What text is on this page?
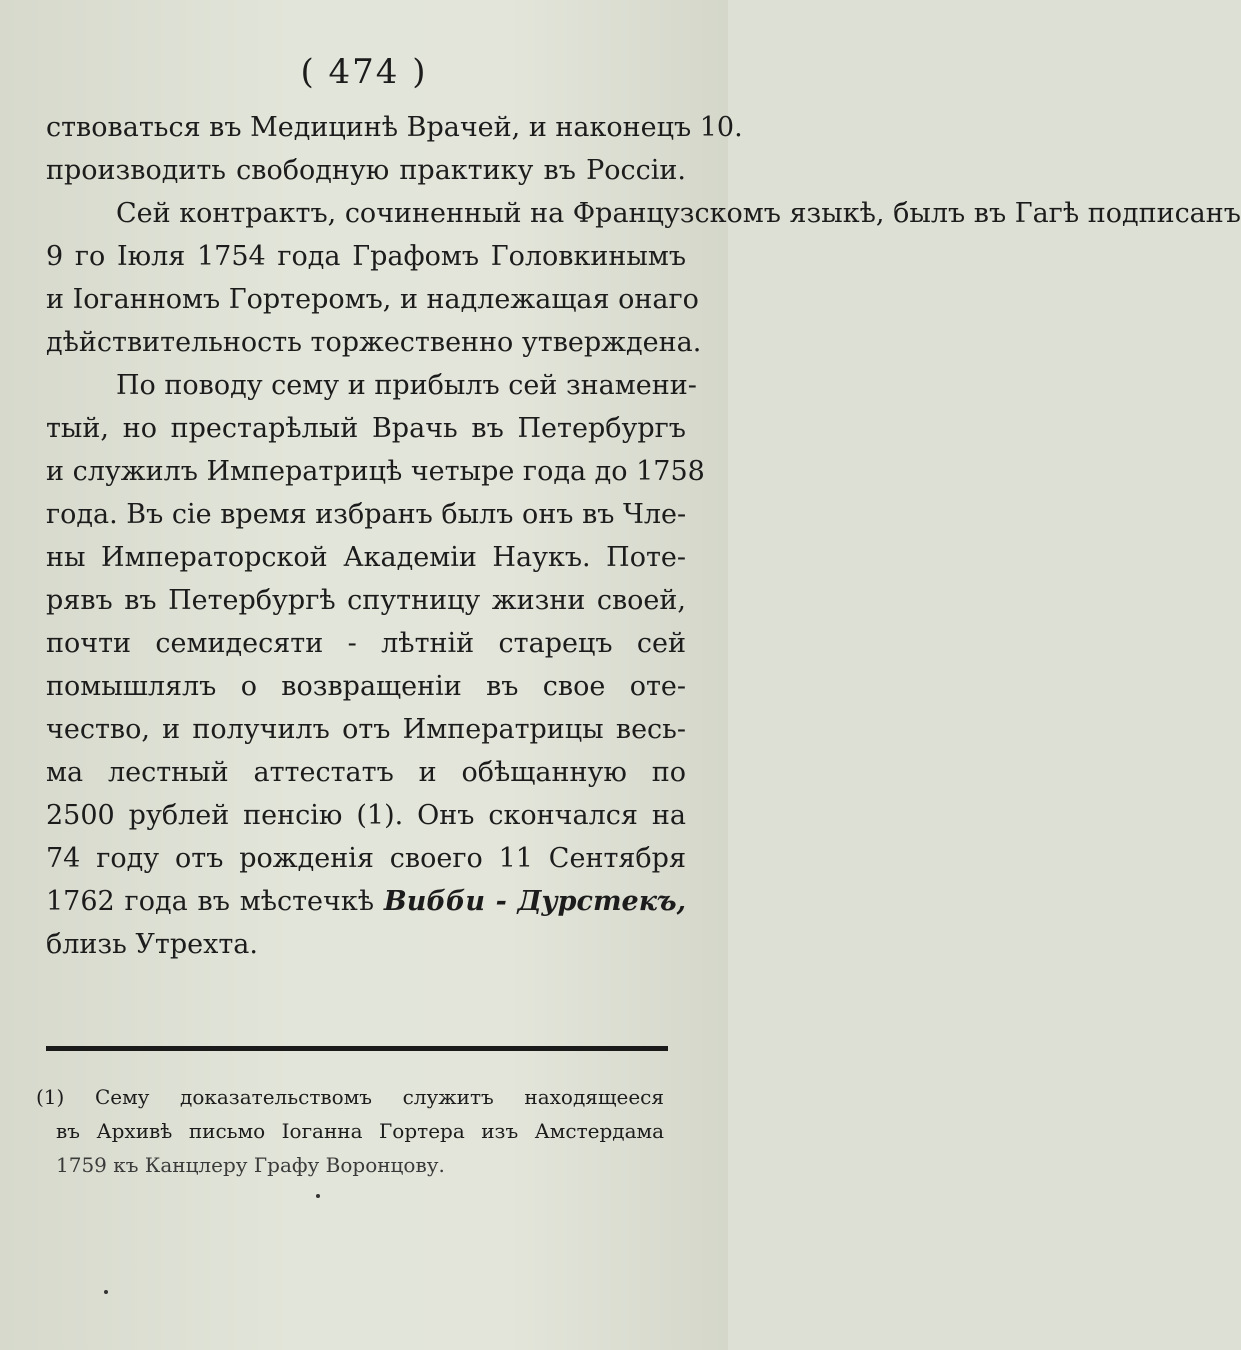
( 474 )
ствоваться въ Медицинѣ Врачей, и наконецъ 10.
производить свободную практику въ Россіи.
Сей контрактъ, сочиненный на Французскомъ языкѣ, былъ въ Гагѣ подписанъ
9 го Іюля 1754 года Графомъ Головкинымъ
и Іоганномъ Гортеромъ, и надлежащая онаго
дѣйствительность торжественно утверждена.
По поводу сему и прибылъ сей знамени-
тый, но престарѣлый Врачь въ Петербургъ
и служилъ Императрицѣ четыре года до 1758
года. Въ сіе время избранъ былъ онъ въ Чле-
ны Императорской Академіи Наукъ. Поте-
рявъ въ Петербургѣ спутницу жизни своей,
почти семидесяти - лѣтній старецъ сей
помышлялъ о возвращеніи въ свое оте-
чество, и получилъ отъ Императрицы весь-
ма лестный аттестатъ и обѣщанную по
2500 рублей пенсію (1). Онъ скончался на
74 году отъ рожденія своего 11 Сентября
1762 года въ мѣстечкѣ Вибби - Дурстекъ,
близь Утрехта.
(1) Сему доказательствомъ служитъ находящееся
въ Архивѣ письмо Іоганна Гортера изъ Амстердама
1759 къ Канцлеру Графу Воронцову.
